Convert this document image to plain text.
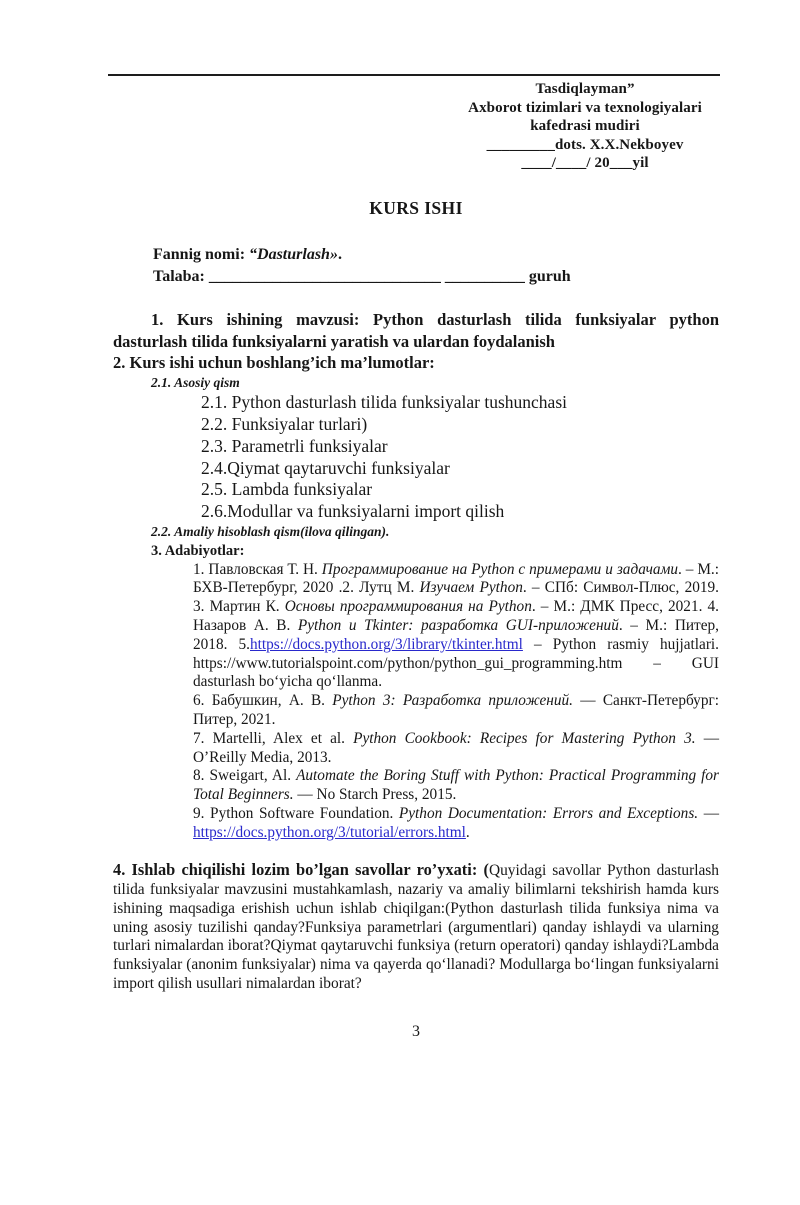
Tasdiqlayman”
Axborot tizimlari va texnologiyalari
kafedrasi mudiri
_________dots. X.X.Nekboyev
____/____/ 20___yil
KURS ISHI
Fannig nomi: “Dasturlash».
Talaba: _____________________________ __________ guruh
1. Kurs ishining mavzusi: Python dasturlash tilida funksiyalar python dasturlash tilida funksiyalarni yaratish va ulardan foydalanish
2. Kurs ishi uchun boshlang’ich ma’lumotlar:
2.1. Asosiy qism
2.1. Python dasturlash tilida funksiyalar tushunchasi
2.2. Funksiyalar turlari)
2.3. Parametrli funksiyalar
2.4.Qiymat qaytaruvchi funksiyalar
2.5. Lambda funksiyalar
2.6.Modullar va funksiyalarni import qilish
2.2. Amaliy hisoblash qism(ilova qilingan).
3. Adabiyotlar:
1. Павловская Т. Н. Программирование на Python с примерами и задачами. – М.: БХВ-Петербург, 2020 .2. Лутц М. Изучаем Python. – СПб: Символ-Плюс, 2019. 3. Мартин К. Основы программирования на Python. – М.: ДМК Пресс, 2021. 4. Назаров А. В. Python и Tkinter: разработка GUI-приложений. – М.: Питер, 2018. 5.https://docs.python.org/3/library/tkinter.html – Python rasmiy hujjatlari. https://www.tutorialspoint.com/python/python_gui_programming.htm – GUI dasturlash boʻyicha qoʻllanma.
6. Бабушкин, А. В. Python 3: Разработка приложений. — Санкт-Петербург: Питер, 2021.
7. Martelli, Alex et al. Python Cookbook: Recipes for Mastering Python 3. — O’Reilly Media, 2013.
8. Sweigart, Al. Automate the Boring Stuff with Python: Practical Programming for Total Beginners. — No Starch Press, 2015.
9. Python Software Foundation. Python Documentation: Errors and Exceptions. — https://docs.python.org/3/tutorial/errors.html.
4. Ishlab chiqilishi lozim bo’lgan savollar ro’yxati: (Quyidagi savollar Python dasturlash tilida funksiyalar mavzusini mustahkamlash, nazariy va amaliy bilimlarni tekshirish hamda kurs ishining maqsadiga erishish uchun ishlab chiqilgan:(Python dasturlash tilida funksiya nima va uning asosiy tuzilishi qanday?Funksiya parametrlari (argumentlari) qanday ishlaydi va ularning turlari nimalardan iborat?Qiymat qaytaruvchi funksiya (return operatori) qanday ishlaydi?Lambda funksiyalar (anonim funksiyalar) nima va qayerda qoʻllanadi? Modullarga boʻlingan funksiyalarni import qilish usullari nimalardan iborat?
3
